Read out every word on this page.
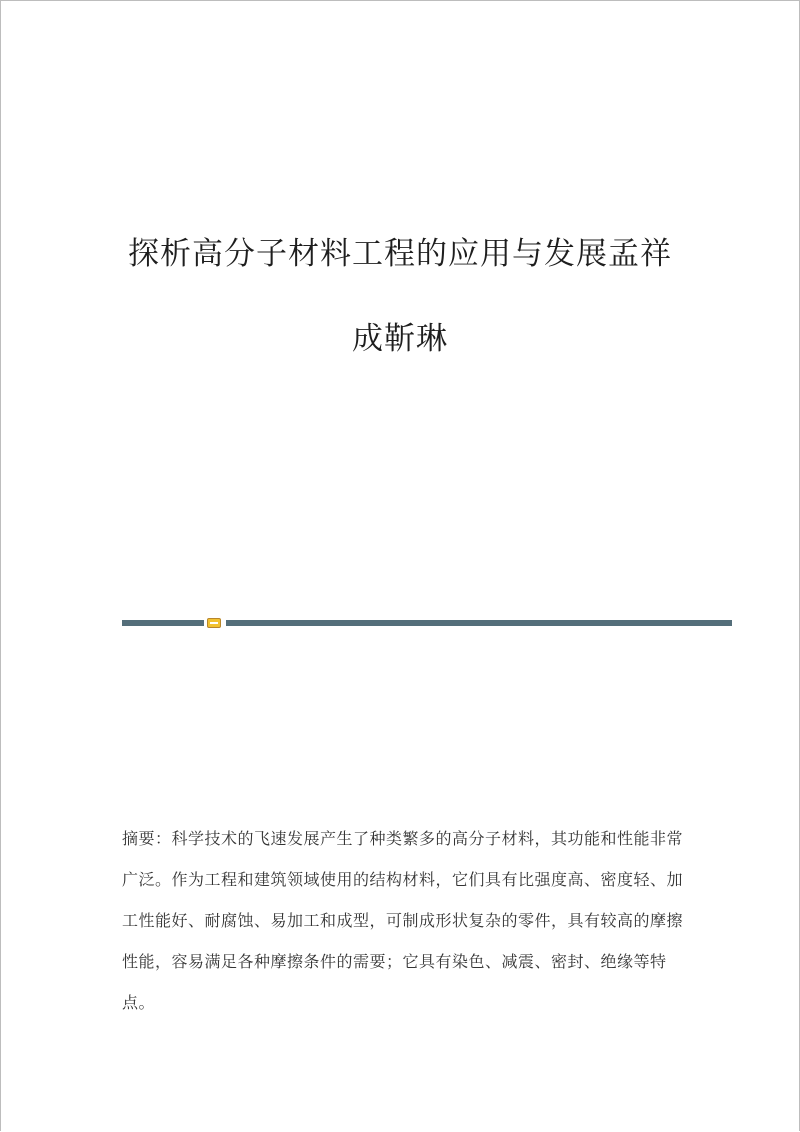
探析高分子材料工程的应用与发展孟祥
成靳琳
摘要：科学技术的飞速发展产生了种类繁多的高分子材料，其功能和性能非常
广泛。作为工程和建筑领域使用的结构材料，它们具有比强度高、密度轻、加
工性能好、耐腐蚀、易加工和成型，可制成形状复杂的零件，具有较高的摩擦
性能，容易满足各种摩擦条件的需要；它具有染色、减震、密封、绝缘等特
点。
